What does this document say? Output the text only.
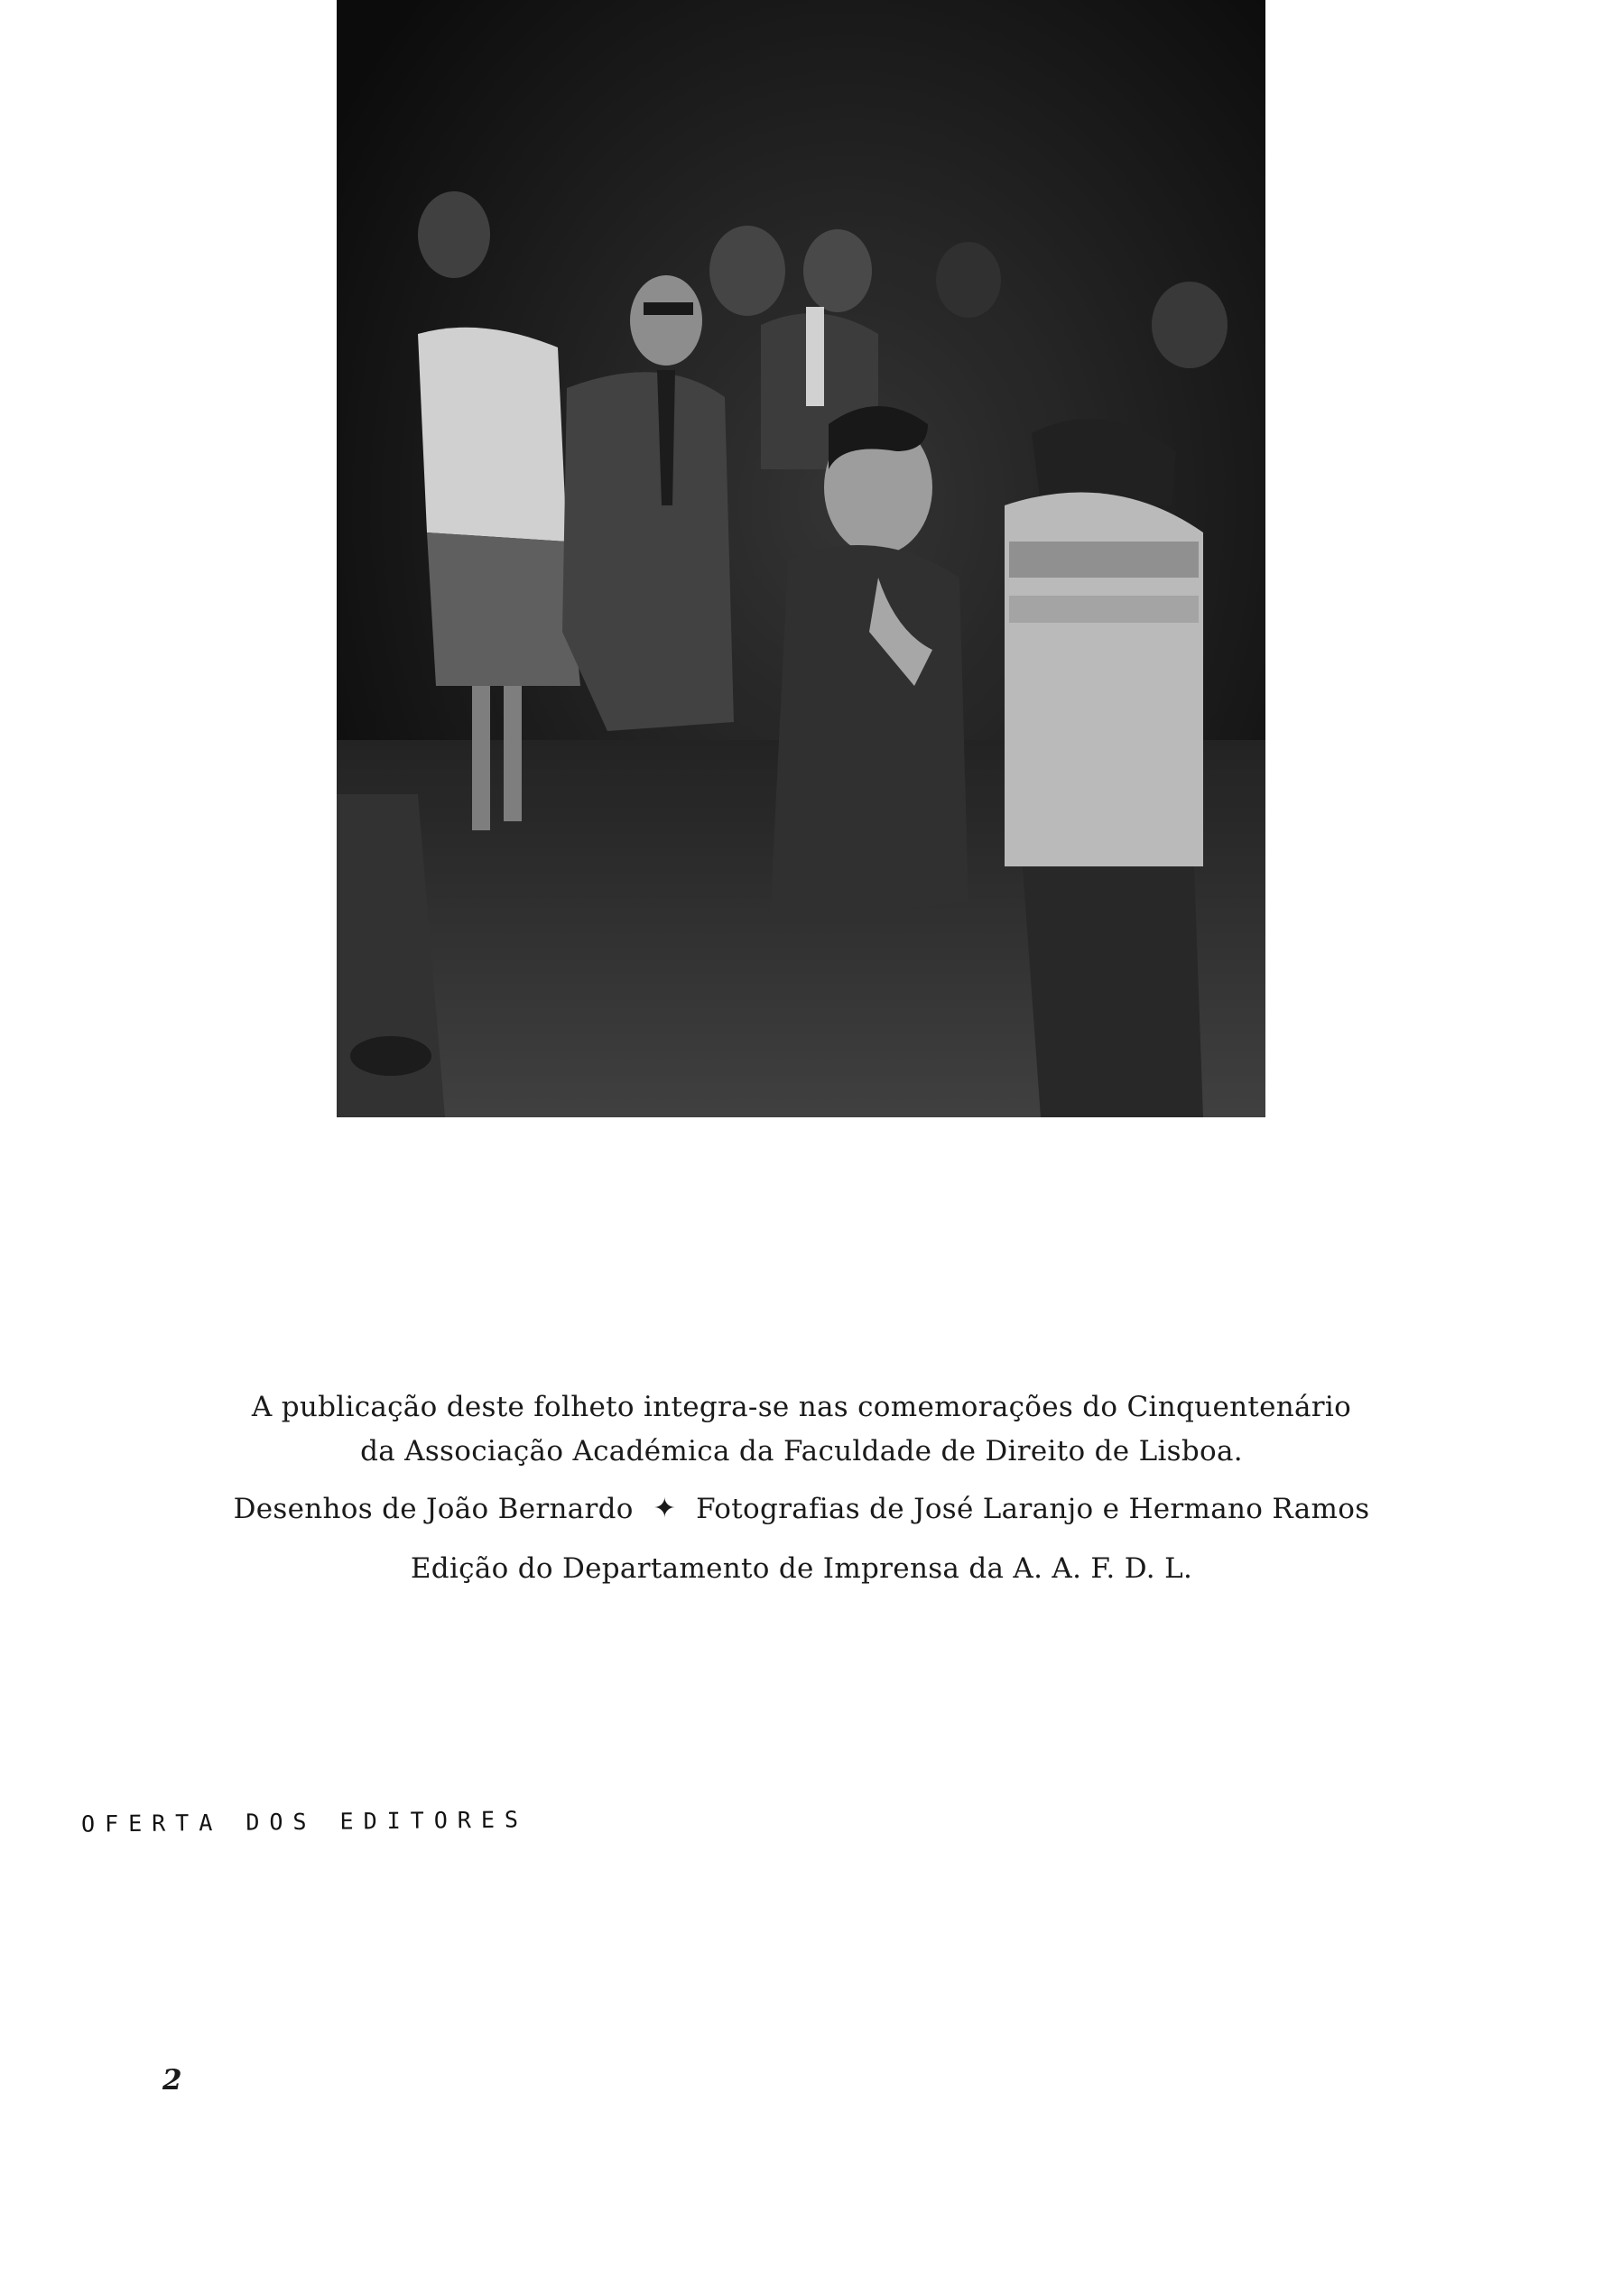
A publicação deste folheto integra-se nas comemorações do Cinquentenário

da Associação Académica da Faculdade de Direito de Lisboa.

Desenhos de João Bernardo ✦ Fotografias de José Laranjo e Hermano Ramos

Edição do Departamento de Imprensa da A. A. F. D. L.

OFERTA DOS EDITORES
2
